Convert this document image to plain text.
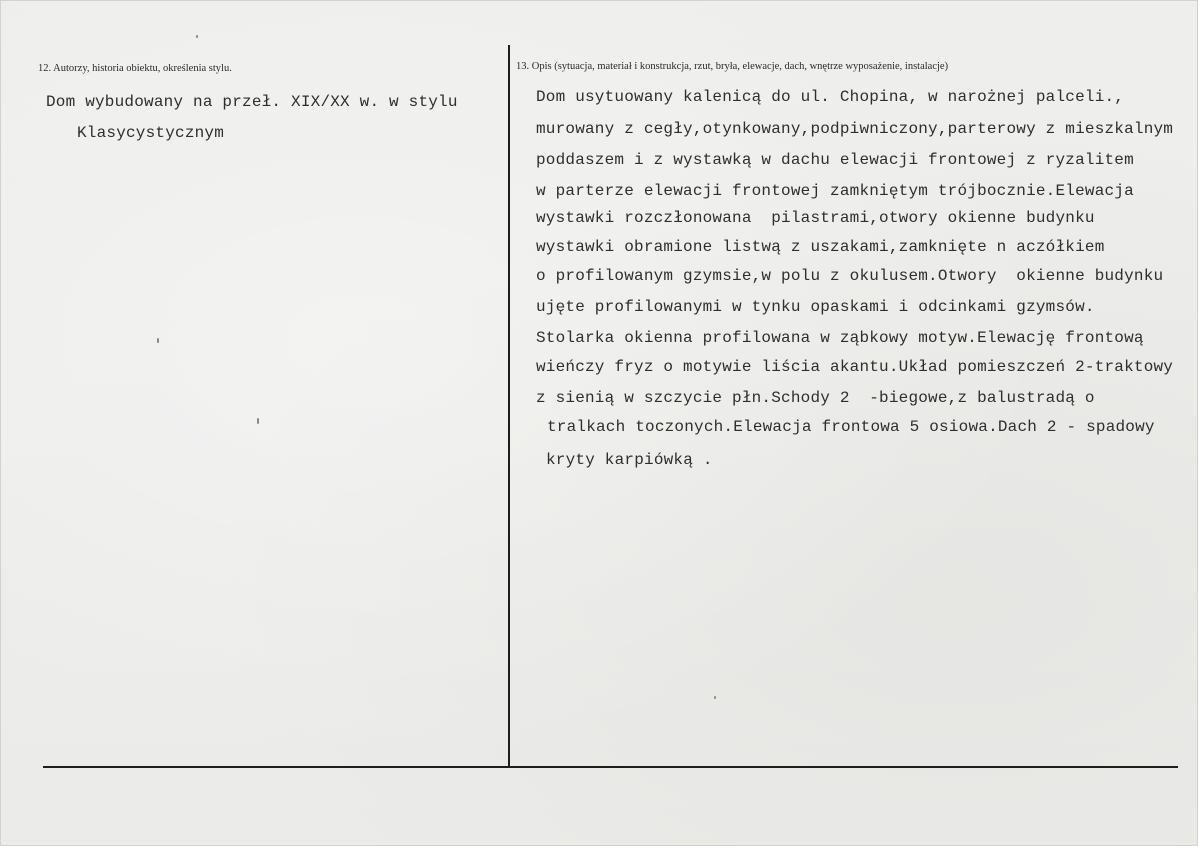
12. Autorzy, historia obiektu, określenia stylu.	13. Opis (sytuacja, materiał i konstrukcja, rzut, bryła, elewacje, dach, wnętrze wyposażenie, instalacje)
Dom wybudowany na przeł. XIX/XX w. w stylu
Klasycystycznym
Dom usytuowany kalenicą do ul. Chopina, w narożnej palceli.,
murowany z cegły,otynkowany,podpiwniczony,parterowy z mieszkalnym
poddaszem i z wystawką w dachu elewacji frontowej z ryzalitem
w parterze elewacji frontowej zamkniętym trójbocznie.Elewacja
wystawki rozczłonowana  pilastrami,otwory okienne budynku
wystawki obramione listwą z uszakami,zamknięte n aczółkiem
o profilowanym gzymsie,w polu z okulusem.Otwory  okienne budynku
ujęte profilowanymi w tynku opaskami i odcinkami gzymsów.
Stolarka okienna profilowana w ząbkowy motyw.Elewację frontową
wieńczy fryz o motywie liścia akantu.Układ pomieszczeń 2-traktowy
z sienią w szczycie płn.Schody 2  -biegowe,z balustradą o
tralkach toczonych.Elewacja frontowa 5 osiowa.Dach 2 - spadowy
kryty karpiówką .
